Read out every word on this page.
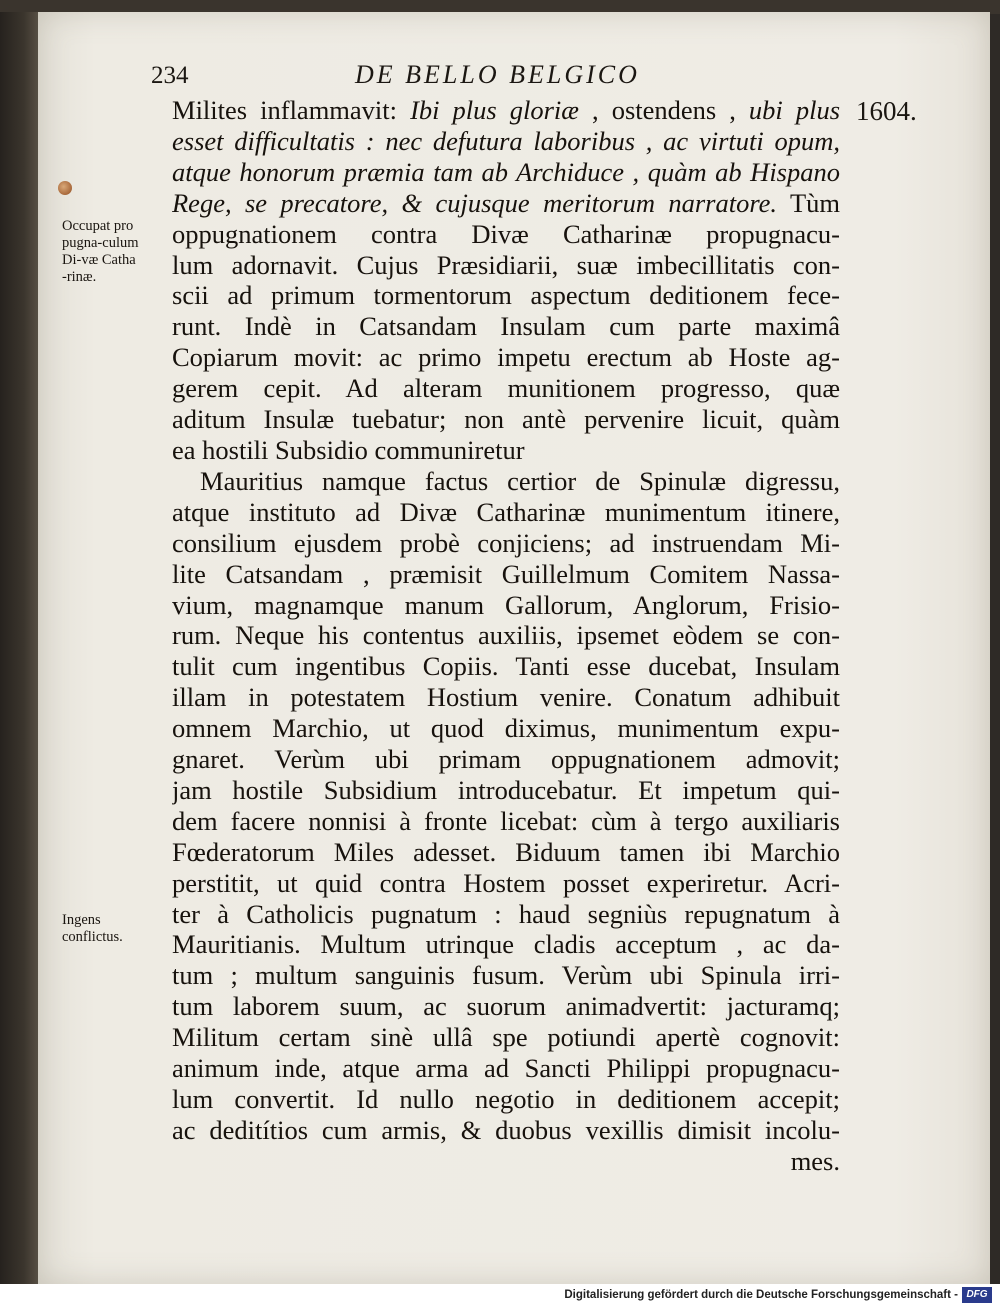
234	DE BELLO BELGICO
1604.
Occupat propugna-culum Di-væ Catha-rinæ.
Ingens conflictus.
Milites inflammavit: Ibi plus gloriæ , ostendens , ubi plus
esset difficultatis : nec defutura laboribus , ac virtuti opum,
atque honorum præmia tam ab Archiduce , quàm ab Hispano
Rege, se precatore, & cujusque meritorum narratore. Tùm
oppugnationem contra Divæ Catharinæ propugnacu-
lum adornavit. Cujus Præsidiarii, suæ imbecillitatis con-
scii ad primum tormentorum aspectum deditionem fece-
runt. Indè in Catsandam Insulam cum parte maximâ
Copiarum movit: ac primo impetu erectum ab Hoste ag-
gerem cepit. Ad alteram munitionem progresso, quæ
aditum Insulæ tuebatur; non antè pervenire licuit, quàm
ea hostili Subsidio communiretur
Mauritius namque factus certior de Spinulæ digressu,
atque instituto ad Divæ Catharinæ munimentum itinere,
consilium ejusdem probè conjiciens; ad instruendam Mi-
lite Catsandam , præmisit Guillelmum Comitem Nassa-
vium, magnamque manum Gallorum, Anglorum, Frisio-
rum. Neque his contentus auxiliis, ipsemet eòdem se con-
tulit cum ingentibus Copiis. Tanti esse ducebat, Insulam
illam in potestatem Hostium venire. Conatum adhibuit
omnem Marchio, ut quod diximus, munimentum expu-
gnaret. Verùm ubi primam oppugnationem admovit;
jam hostile Subsidium introducebatur. Et impetum qui-
dem facere nonnisi à fronte licebat: cùm à tergo auxiliaris
Fœderatorum Miles adesset. Biduum tamen ibi Marchio
perstitit, ut quid contra Hostem posset experiretur. Acri-
ter à Catholicis pugnatum : haud segniùs repugnatum à
Mauritianis. Multum utrinque cladis acceptum , ac da-
tum ; multum sanguinis fusum. Verùm ubi Spinula irri-
tum laborem suum, ac suorum animadvertit: jacturamq;
Militum certam sinè ullâ spe potiundi apertè cognovit:
animum inde, atque arma ad Sancti Philippi propugnacu-
lum convertit. Id nullo negotio in deditionem accepit;
ac deditítios cum armis, & duobus vexillis dimisit incolu-
mes.
Digitalisierung gefördert durch die Deutsche Forschungsgemeinschaft - DFG
